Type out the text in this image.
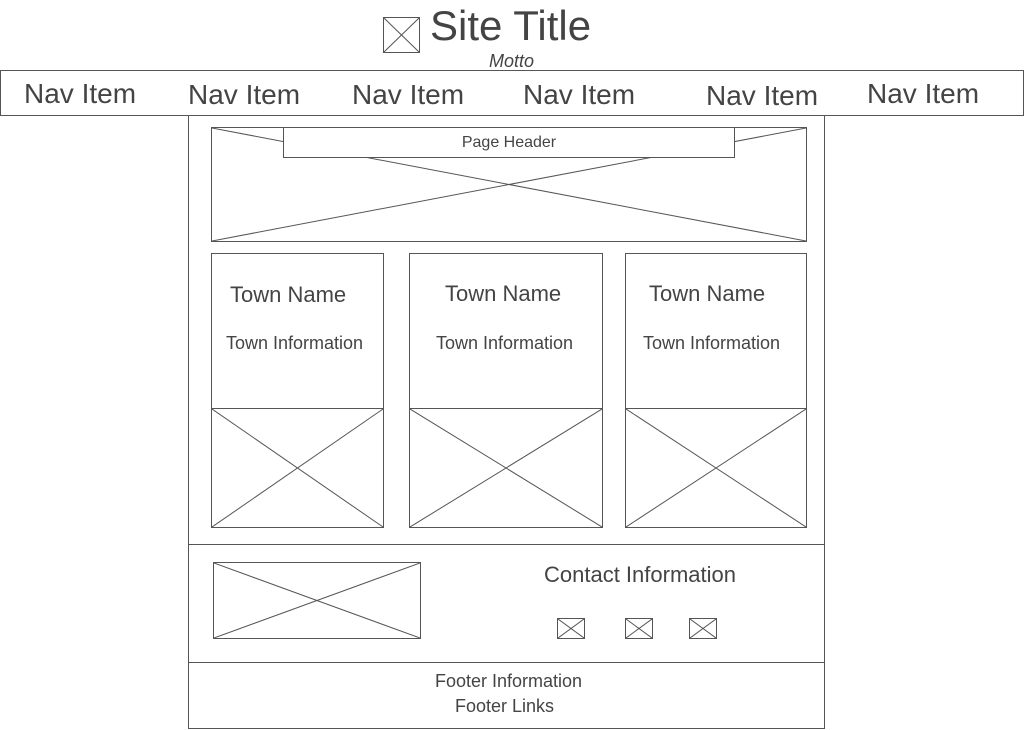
Site Title
Motto
Nav Item Nav Item Nav Item Nav Item	Nav Item Nav Item
Page Header
Town Name
Town Information
Town Name
Town Information
Town Name
Town Information
Contact Information
Footer Information
Footer Links
